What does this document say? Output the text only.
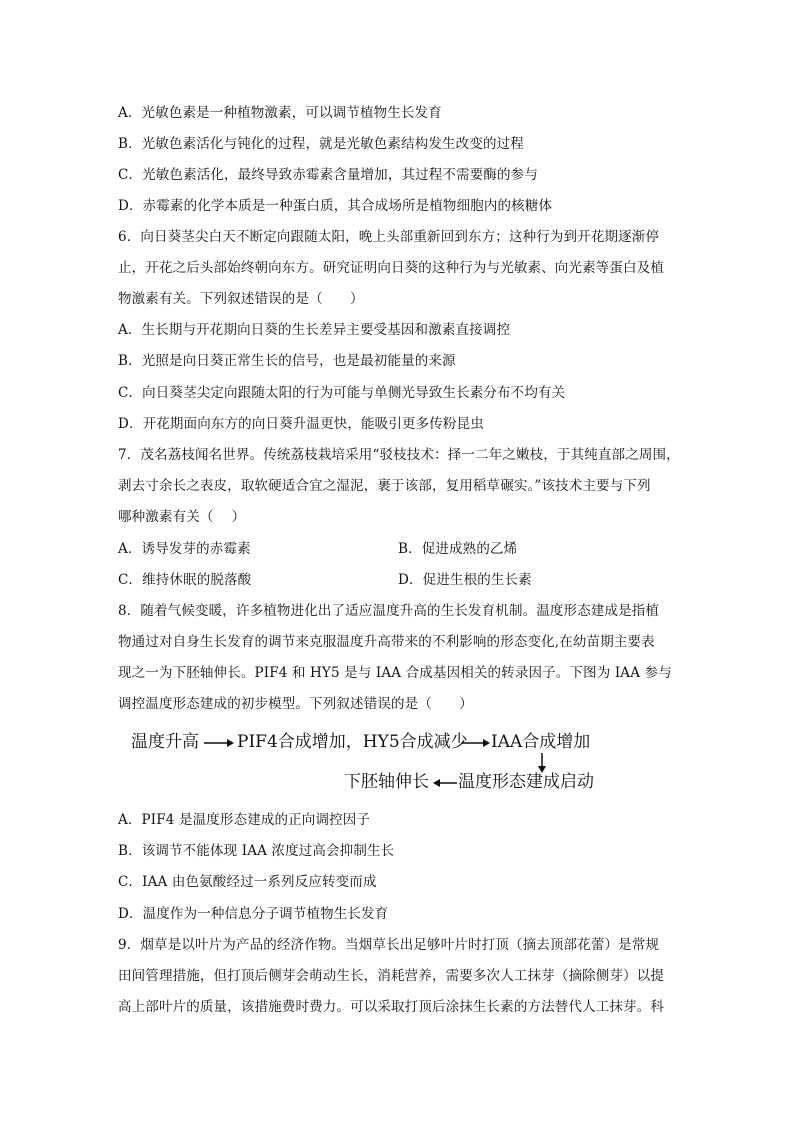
A．光敏色素是一种植物激素，可以调节植物生长发育
B．光敏色素活化与钝化的过程，就是光敏色素结构发生改变的过程
C．光敏色素活化，最终导致赤霉素含量增加，其过程不需要酶的参与
D．赤霉素的化学本质是一种蛋白质，其合成场所是植物细胞内的核糖体
6．向日葵茎尖白天不断定向跟随太阳，晚上头部重新回到东方；这种行为到开花期逐渐停
止，开花之后头部始终朝向东方。研究证明向日葵的这种行为与光敏素、向光素等蛋白及植
物激素有关。下列叙述错误的是（　　）
A．生长期与开花期向日葵的生长差异主要受基因和激素直接调控
B．光照是向日葵正常生长的信号，也是最初能量的来源
C．向日葵茎尖定向跟随太阳的行为可能与单侧光导致生长素分布不均有关
D．开花期面向东方的向日葵升温更快，能吸引更多传粉昆虫
7．茂名荔枝闻名世界。传统荔枝栽培采用“驳枝技术：择一二年之嫩枝，于其纯直部之周围，
剥去寸余长之表皮，取软硬适合宜之湿泥，裹于该部，复用稻草碾实。”该技术主要与下列
哪种激素有关（　 ）
A．诱导发芽的赤霉素	B．促进成熟的乙烯
C．维持休眠的脱落酸	D．促进生根的生长素
8．随着气候变暖，许多植物进化出了适应温度升高的生长发育机制。温度形态建成是指植
物通过对自身生长发育的调节来克服温度升高带来的不利影响的形态变化,在幼苗期主要表
现之一为下胚轴伸长。PIF4 和 HY5 是与 IAA 合成基因相关的转录因子。下图为 IAA 参与
调控温度形态建成的初步模型。下列叙述错误的是（　　）
温度升高 PIF4合成增加，HY5合成减少 IAA合成增加
下胚轴伸长 温度形态建成启动
A．PIF4 是温度形态建成的正向调控因子
B．该调节不能体现 IAA 浓度过高会抑制生长
C．IAA 由色氨酸经过一系列反应转变而成
D．温度作为一种信息分子调节植物生长发育
9．烟草是以叶片为产品的经济作物。当烟草长出足够叶片时打顶（摘去顶部花蕾）是常规
田间管理措施，但打顶后侧芽会萌动生长，消耗营养，需要多次人工抹芽（摘除侧芽）以提
高上部叶片的质量，该措施费时费力。可以采取打顶后涂抹生长素的方法替代人工抹芽。科
